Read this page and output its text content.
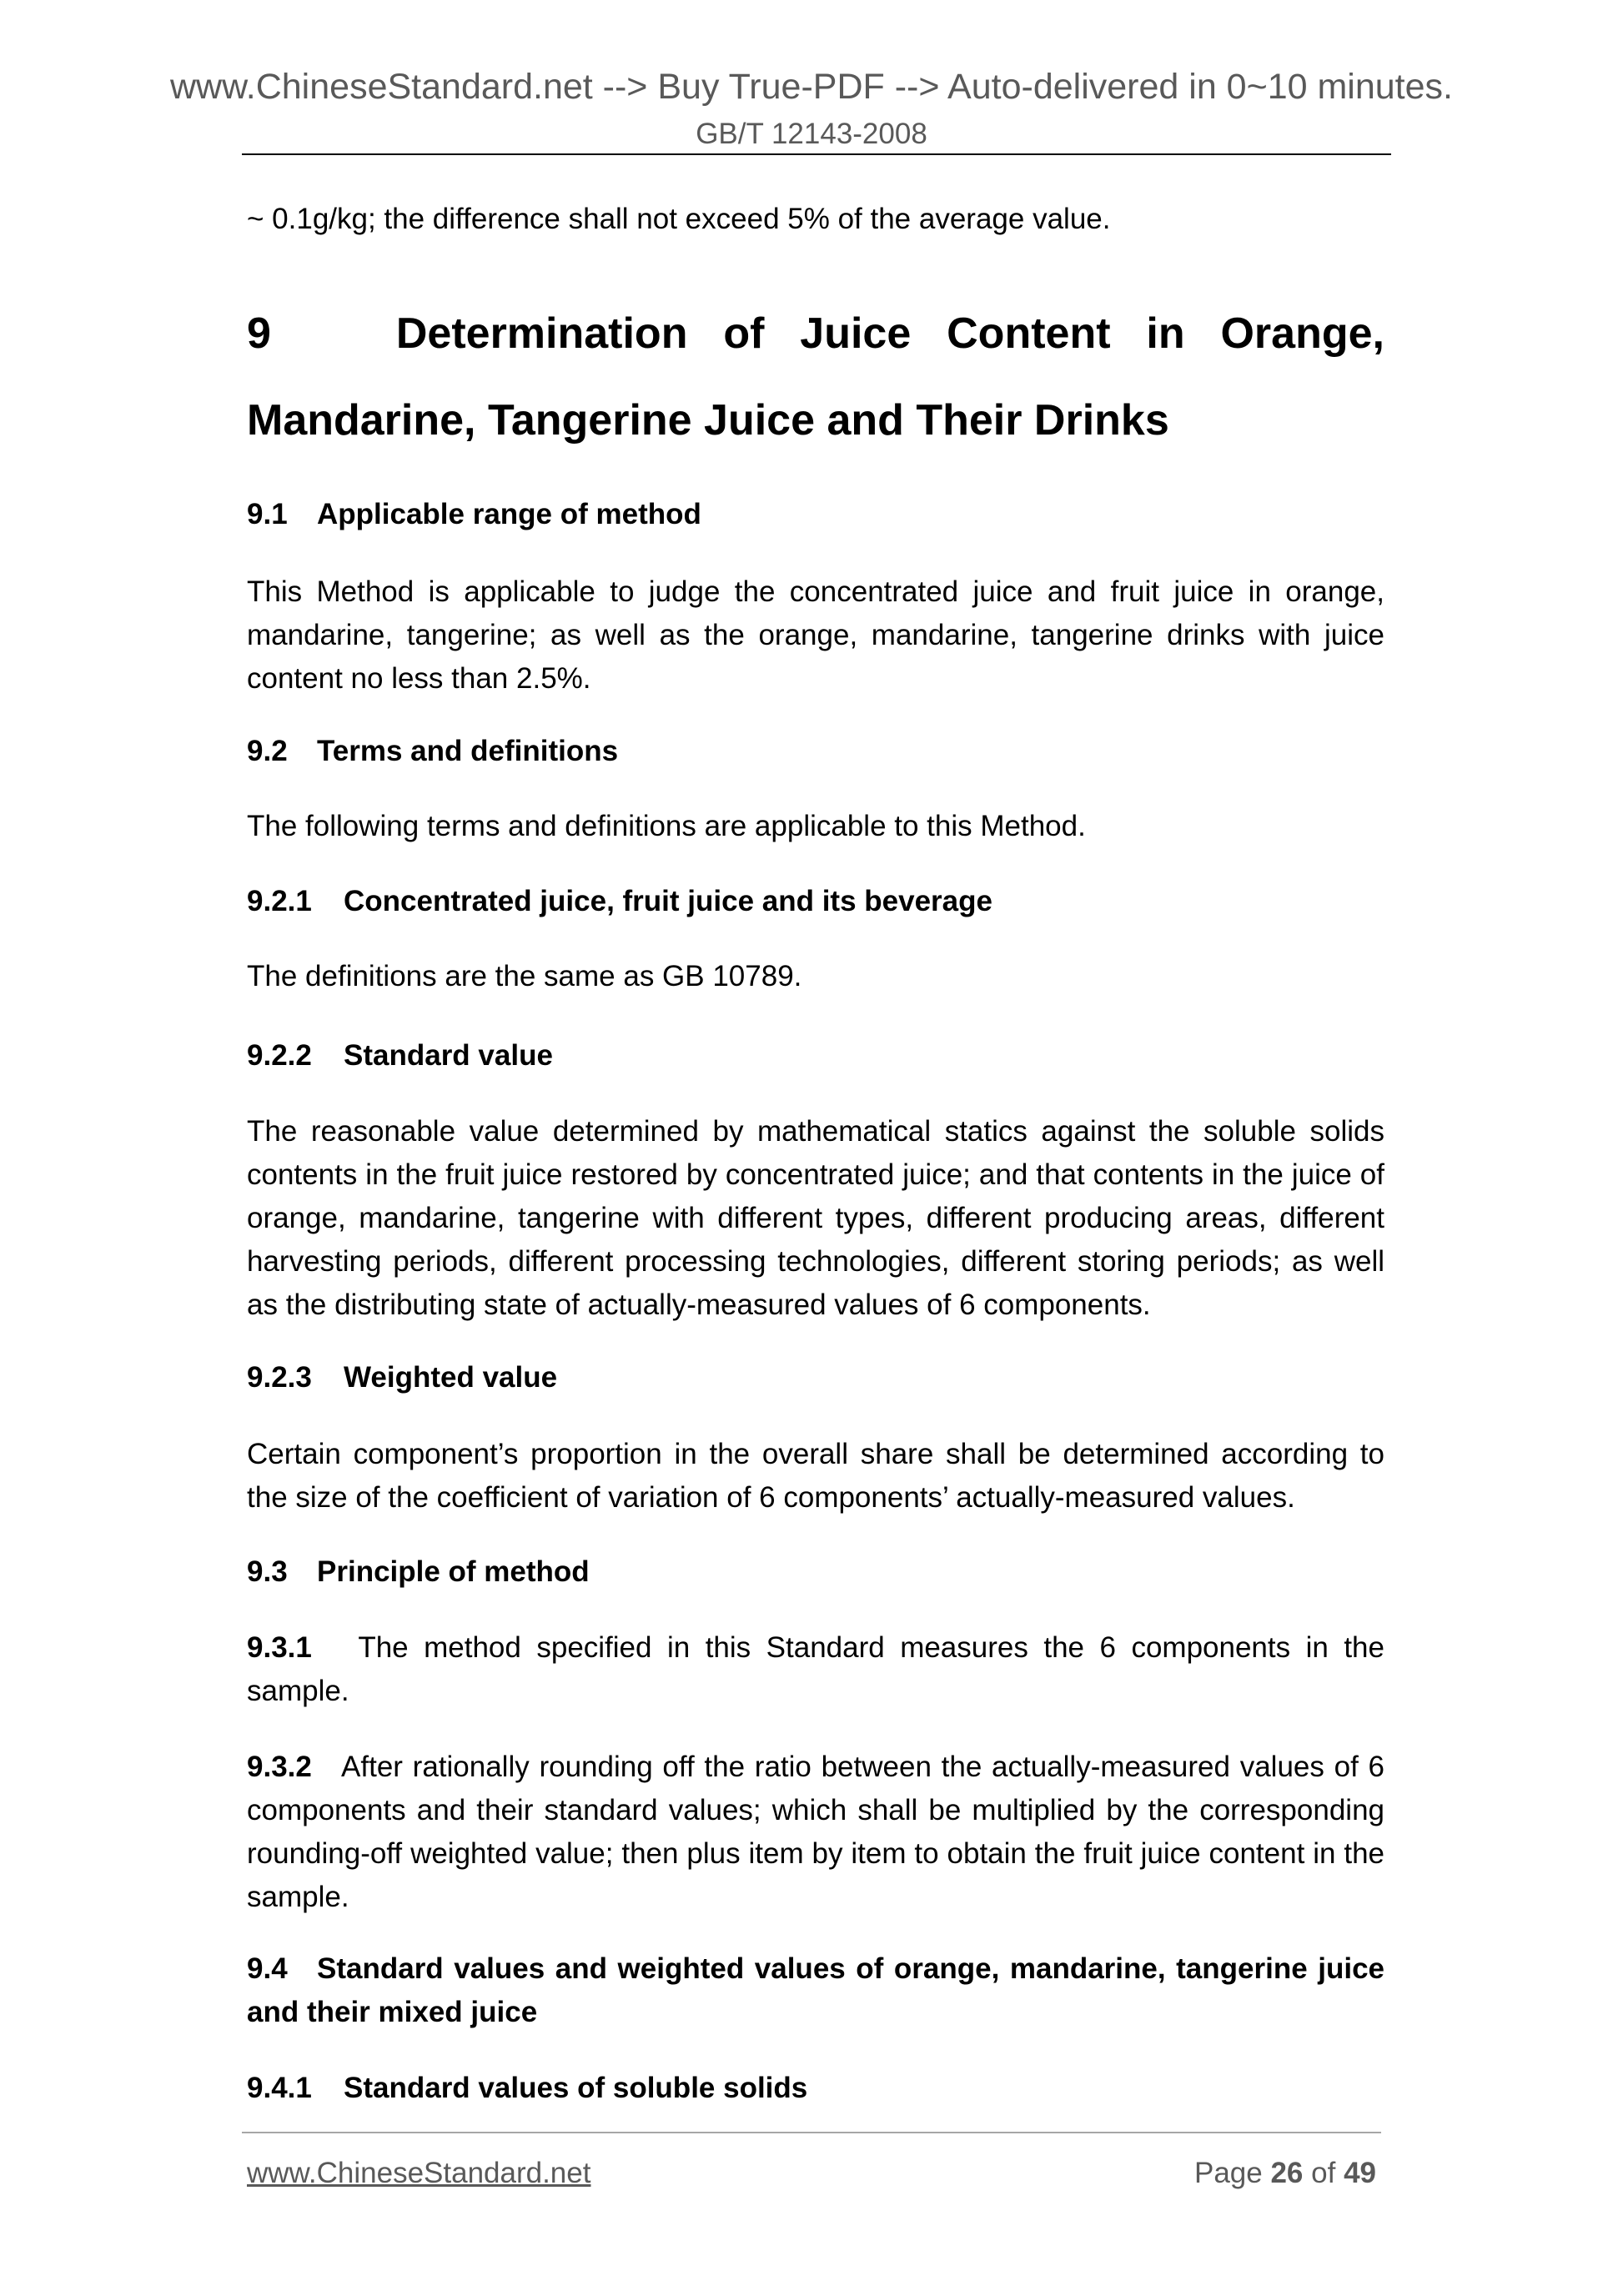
www.ChineseStandard.net --> Buy True-PDF --> Auto-delivered in 0~10 minutes.
GB/T 12143-2008
~ 0.1g/kg; the difference shall not exceed 5% of the average value.
9	Determination of Juice Content in Orange,
Mandarine, Tangerine Juice and Their Drinks
9.1 Applicable range of method
This Method is applicable to judge the concentrated juice and fruit juice in orange, mandarine, tangerine; as well as the orange, mandarine, tangerine drinks with juice content no less than 2.5%.
9.2 Terms and definitions
The following terms and definitions are applicable to this Method.
9.2.1 Concentrated juice, fruit juice and its beverage
The definitions are the same as GB 10789.
9.2.2 Standard value
The reasonable value determined by mathematical statics against the soluble solids contents in the fruit juice restored by concentrated juice; and that contents in the juice of orange, mandarine, tangerine with different types, different producing areas, different harvesting periods, different processing technologies, different storing periods; as well as the distributing state of actually-measured values of 6 components.
9.2.3 Weighted value
Certain component’s proportion in the overall share shall be determined according to the size of the coefficient of variation of 6 components’ actually-measured values.
9.3 Principle of method
9.3.1 The method specified in this Standard measures the 6 components in the sample.
9.3.2 After rationally rounding off the ratio between the actually-measured values of 6 components and their standard values; which shall be multiplied by the corresponding rounding-off weighted value; then plus item by item to obtain the fruit juice content in the sample.
9.4 Standard values and weighted values of orange, mandarine, tangerine juice and their mixed juice
9.4.1 Standard values of soluble solids
www.ChineseStandard.net	Page 26 of 49
